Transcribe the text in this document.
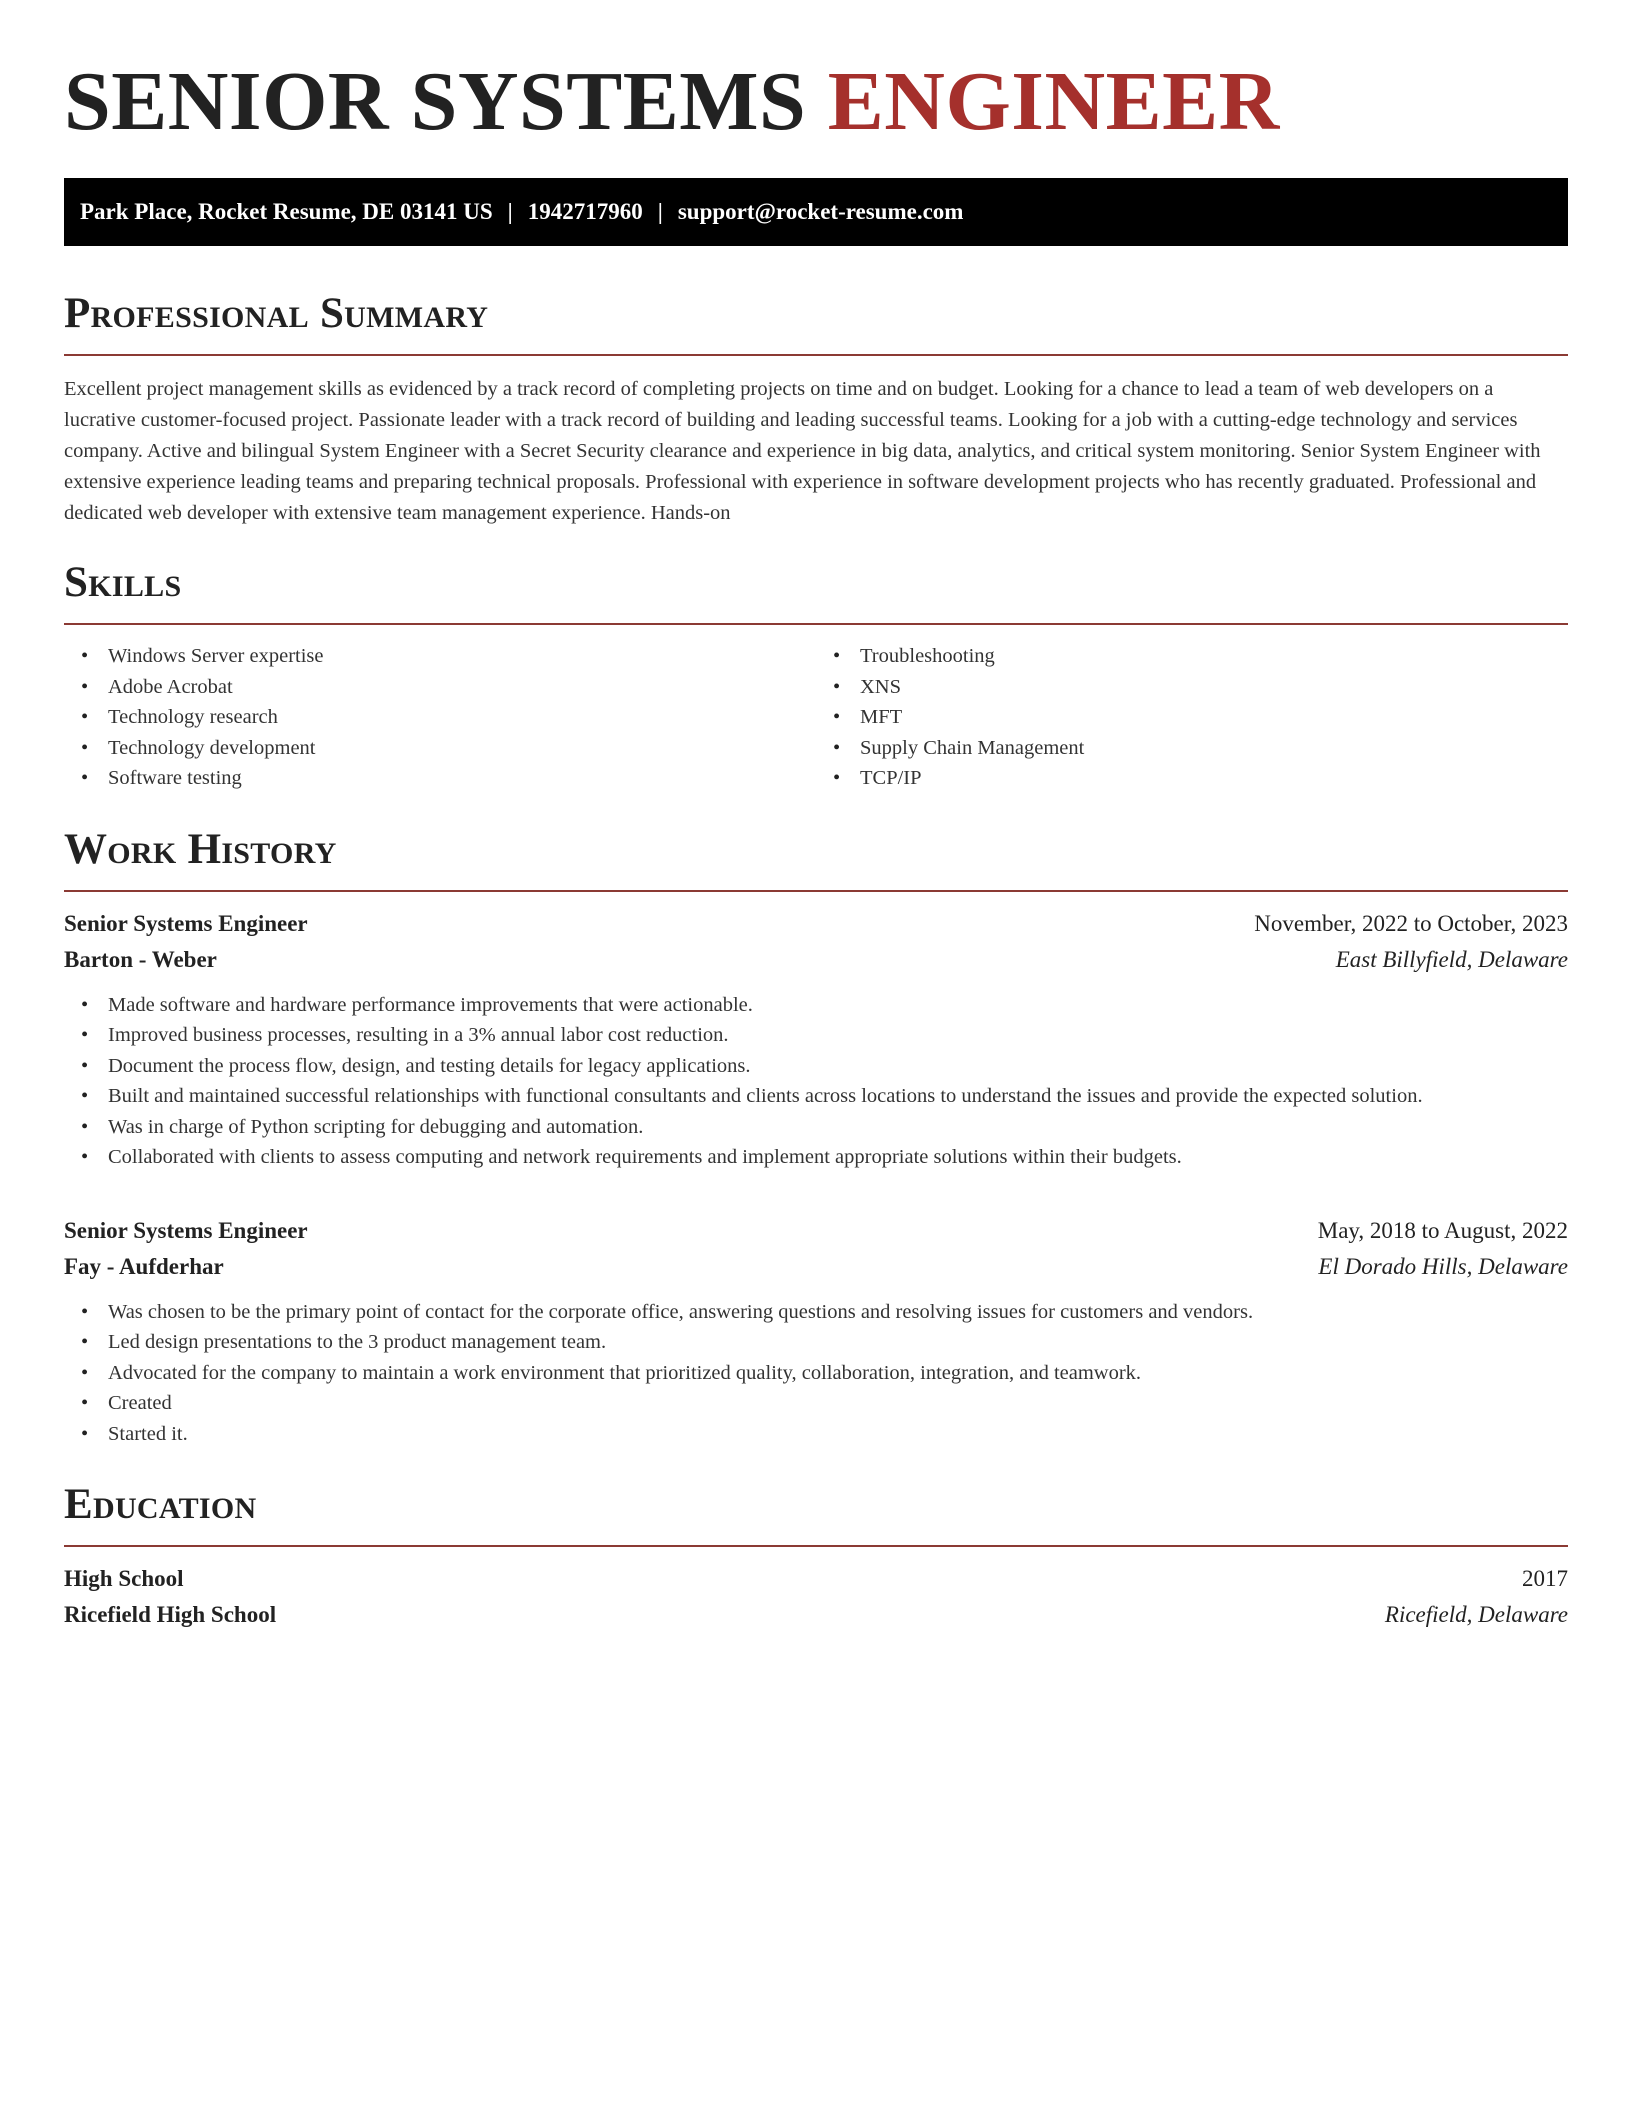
SENIOR SYSTEMS ENGINEER
Park Place, Rocket Resume, DE 03141 US | 1942717960 | support@rocket-resume.com
Professional Summary

Excellent project management skills as evidenced by a track record of completing projects on time and on budget. Looking for a chance to lead a team of web developers on a lucrative customer-focused project. Passionate leader with a track record of building and leading successful teams. Looking for a job with a cutting-edge technology and services company. Active and bilingual System Engineer with a Secret Security clearance and experience in big data, analytics, and critical system monitoring. Senior System Engineer with extensive experience leading teams and preparing technical proposals. Professional with experience in software development projects who has recently graduated. Professional and dedicated web developer with extensive team management experience. Hands-on

Skills
• Windows Server expertise
• Adobe Acrobat
• Technology research
• Technology development
• Software testing
• Troubleshooting
• XNS
• MFT
• Supply Chain Management
• TCP/IP
Work History
Senior Systems Engineer	November, 2022 to October, 2023
Barton - Weber	East Billyfield, Delaware
• Made software and hardware performance improvements that were actionable.
• Improved business processes, resulting in a 3% annual labor cost reduction.
• Document the process flow, design, and testing details for legacy applications.
• Built and maintained successful relationships with functional consultants and clients across locations to understand the issues and provide the expected solution.
• Was in charge of Python scripting for debugging and automation.
• Collaborated with clients to assess computing and network requirements and implement appropriate solutions within their budgets.
Senior Systems Engineer	May, 2018 to August, 2022
Fay - Aufderhar	El Dorado Hills, Delaware
• Was chosen to be the primary point of contact for the corporate office, answering questions and resolving issues for customers and vendors.
• Led design presentations to the 3 product management team.
• Advocated for the company to maintain a work environment that prioritized quality, collaboration, integration, and teamwork.
• Created
• Started it.
Education
High School	2017
Ricefield High School	Ricefield, Delaware
